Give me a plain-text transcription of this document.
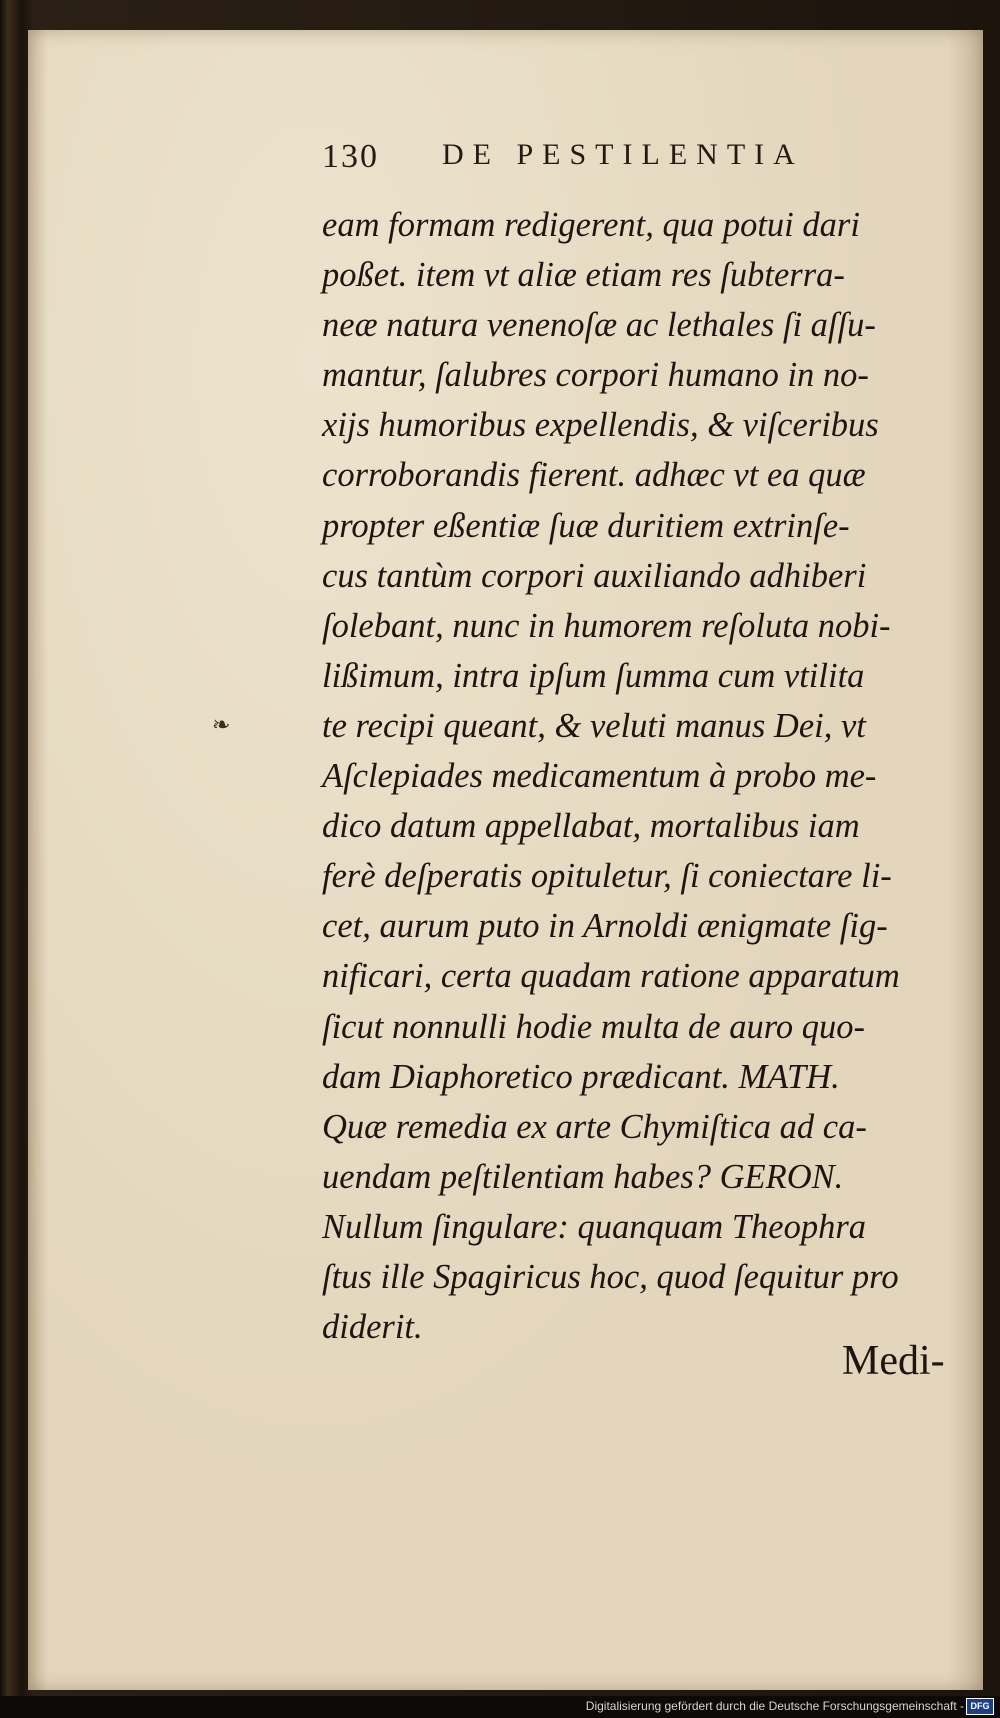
130 DE PESTILENTIA
❧
eam formam redigerent, qua potui dari
poßet. item vt aliæ etiam res ſubterra-
neæ natura venenoſæ ac lethales ſi aſſu-
mantur, ſalubres corpori humano in no-
xijs humoribus expellendis, & viſceribus
corroborandis fierent. adhæc vt ea quæ
propter eßentiæ ſuæ duritiem extrinſe-
cus tantùm corpori auxiliando adhiberi
ſolebant, nunc in humorem reſoluta nobi-
lißimum, intra ipſum ſumma cum vtilita
te recipi queant, & veluti manus Dei, vt
Aſclepiades medicamentum à probo me-
dico datum appellabat, mortalibus iam
ferè deſperatis opituletur, ſi coniectare li-
cet, aurum puto in Arnoldi ænigmate ſig-
nificari, certa quadam ratione apparatum
ſicut nonnulli hodie multa de auro quo-
dam Diaphoretico prædicant. MATH.
Quæ remedia ex arte Chymiſtica ad ca-
uendam peſtilentiam habes? GERON.
Nullum ſingulare: quanquam Theophra
ſtus ille Spagiricus hoc, quod ſequitur pro
diderit.
Medi-
Digitalisierung gefördert durch die Deutsche Forschungsgemeinschaft - DFG
